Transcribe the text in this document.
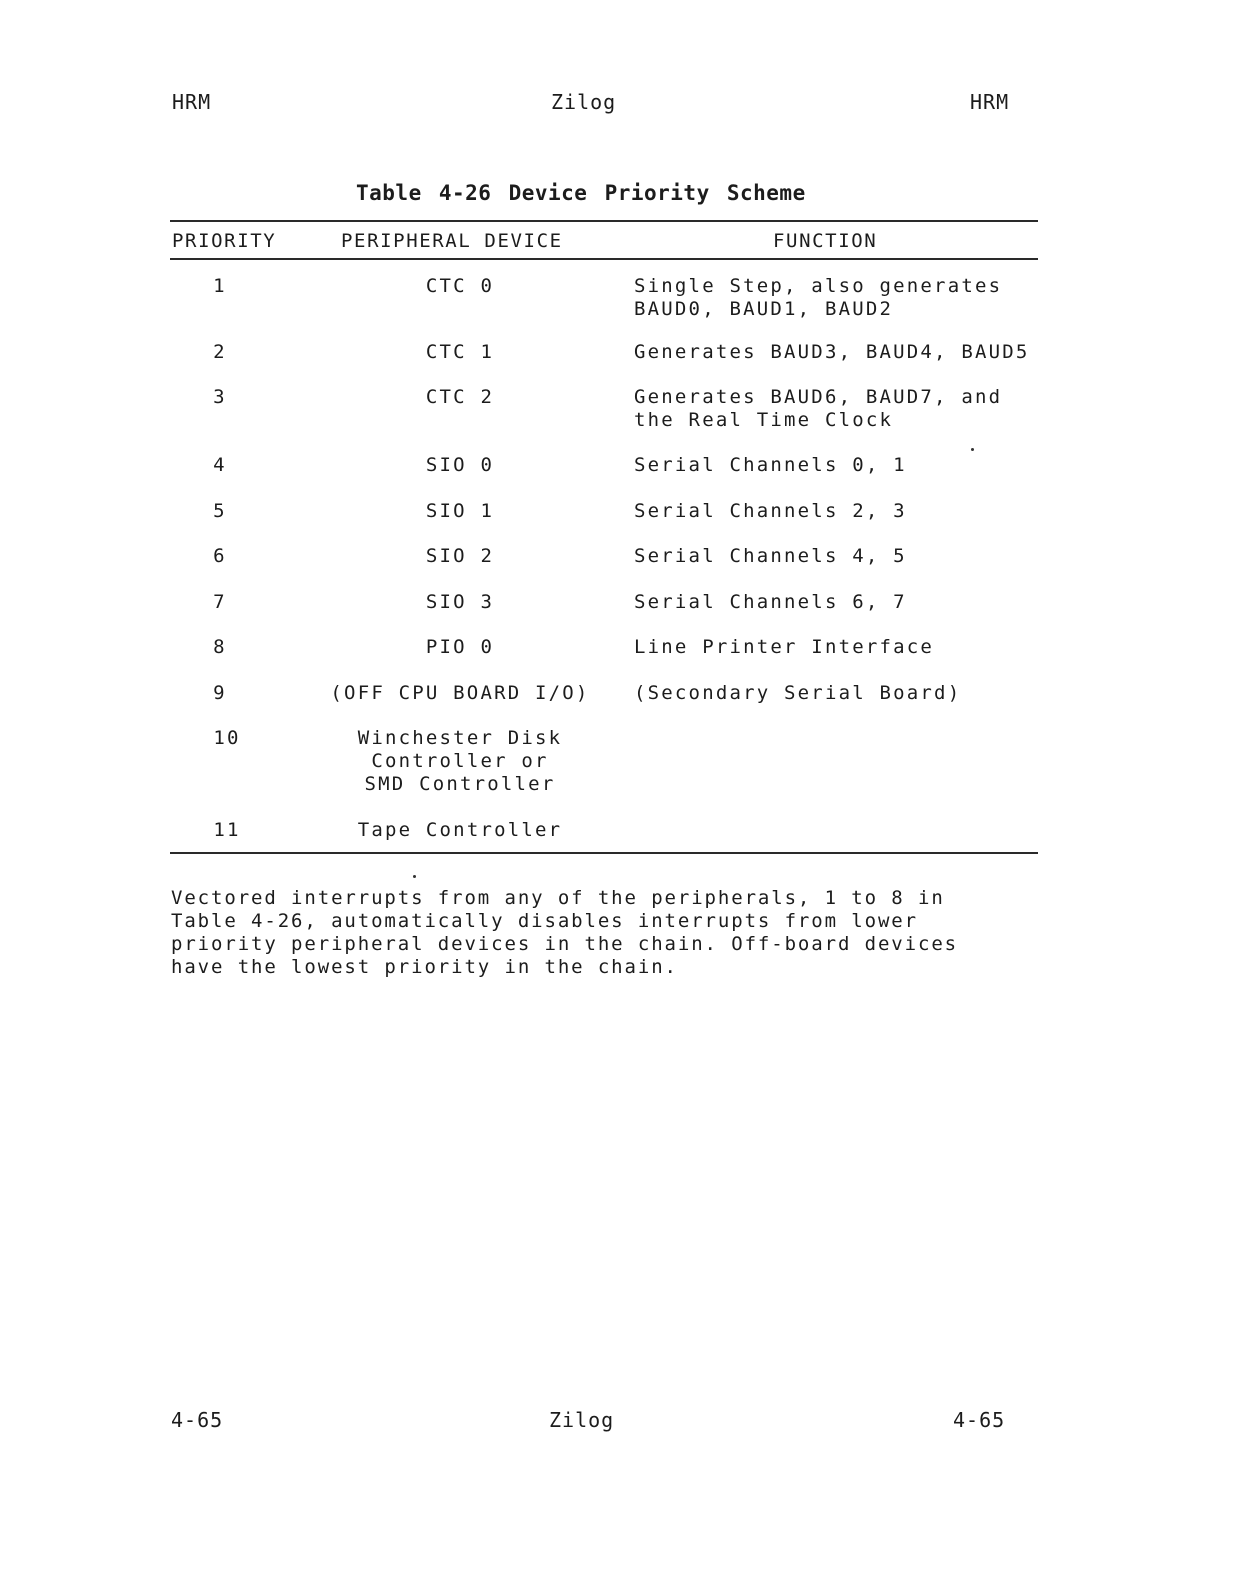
HRM	Zilog	HRM
Table 4-26 Device Priority Scheme
PRIORITY	PERIPHERAL DEVICE	FUNCTION
1	CTC 0	Single Step, also generates
BAUD0, BAUD1, BAUD2
2	CTC 1	Generates BAUD3, BAUD4, BAUD5
3	CTC 2	Generates BAUD6, BAUD7, and
the Real Time Clock
4	SIO 0	Serial Channels 0, 1
5	SIO 1	Serial Channels 2, 3
6	SIO 2	Serial Channels 4, 5
7	SIO 3	Serial Channels 6, 7
8	PIO 0	Line Printer Interface
9	(OFF CPU BOARD I/O)	(Secondary Serial Board)
10	Winchester Disk
Controller or
SMD Controller
11	Tape Controller
Vectored interrupts from any of the peripherals, 1 to 8 in
Table 4-26, automatically disables interrupts from lower
priority peripheral devices in the chain. Off-board devices
have the lowest priority in the chain.
4-65	Zilog	4-65
